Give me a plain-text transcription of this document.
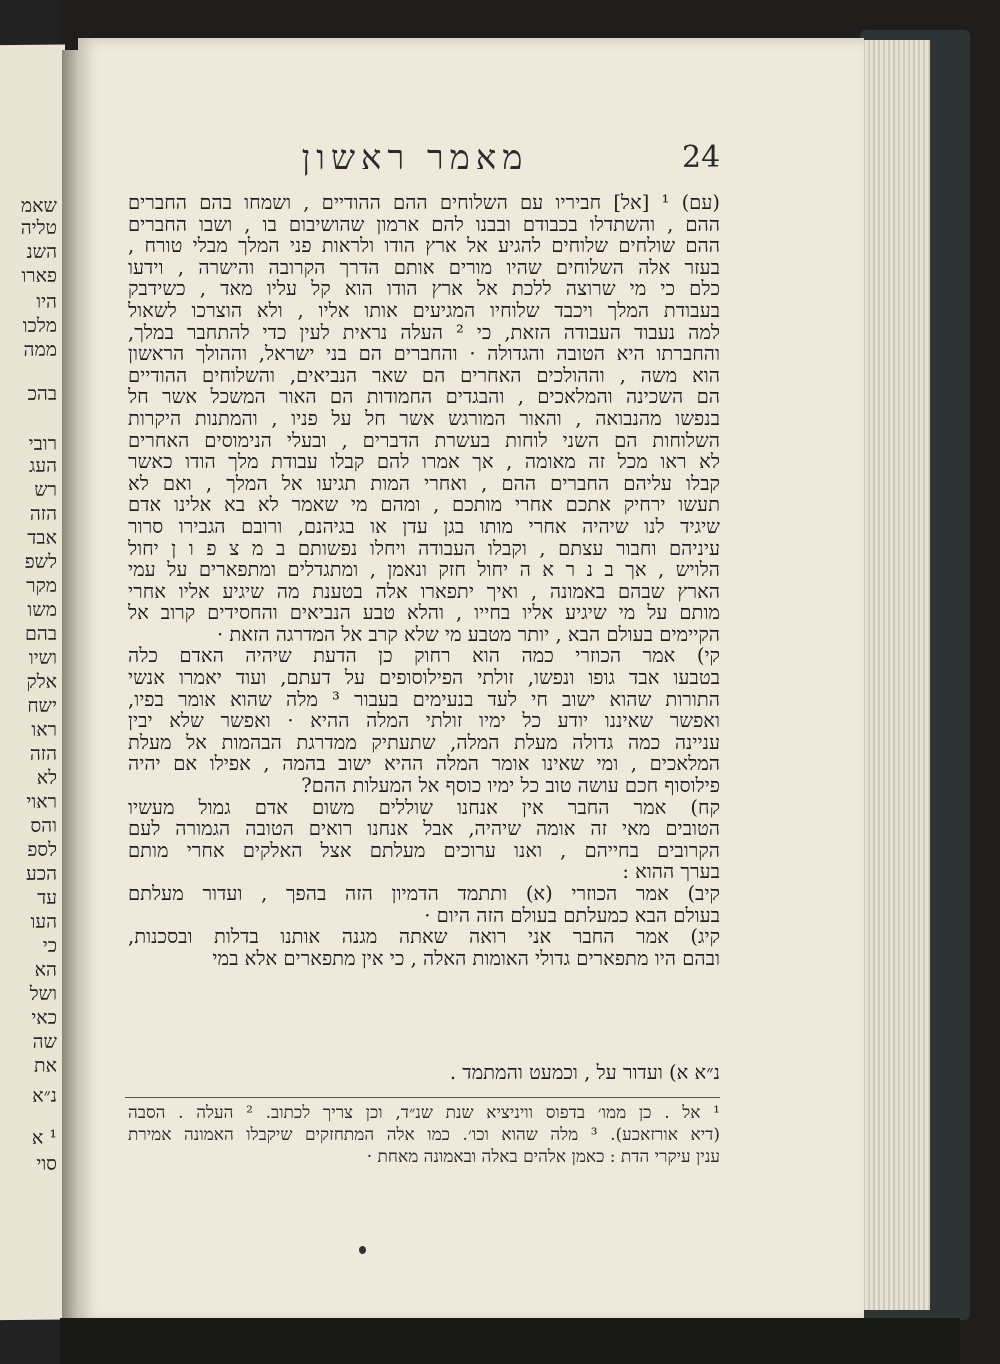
שאמ
טליה
השנ
פארו
היו
מלכו
ממה
בהכ
רובי
העג
רש
הזה
אבד
לשפ
מקר
משו
בהם
ושיו
אלק
ישח
ראו
הזה
לא
ראוי
והס
לספ
הכע
עד
העו
כי
הא
ושל
כאי
שה
את
נ״א
¹ א
סוי
מאמר ראשון	24
(עם) ¹ [אל] חביריו עם השלוחים ההם ההודיים , ושמחו בהם החברים
ההם , והשתדלו בכבודם ובבנו להם ארמון שהושיבום בו , ושבו החברים
ההם שולחים שלוחים להגיע אל ארץ הודו ולראות פני המלך מבלי טורח ,
בעזר אלה השלוחים שהיו מורים אותם הדרך הקרובה והישרה , וידעו
כלם כי מי שרוצה ללכת אל ארץ הודו הוא קל עליו מאד , כשידבק
בעבודת המלך ויכבד שלוחיו המגיעים אותו אליו , ולא הוצרכו לשאול
למה נעבוד העבודה הזאת, כי ² העלה נראית לעין כדי להתחבר במלך,
והחברתו היא הטובה והגדולה · והחברים הם בני ישראל, וההולך הראשון
הוא משה , וההולכים האחרים הם שאר הנביאים, והשלוחים ההודיים
הם השכינה והמלאכים , והבגדים החמודות הם האור המשכל אשר חל
בנפשו מהנבואה , והאור המורגש אשר חל על פניו , והמתנות היקרות
השלוחות הם השני לוחות בעשרת הדברים , ובעלי הנימוסים האחרים
לא ראו מכל זה מאומה , אך אמרו להם קבלו עבודת מלך הודו כאשר
קבלו עליהם החברים ההם , ואחרי המות תגיעו אל המלך , ואם לא
תעשו ירחיק אתכם אחרי מותכם , ומהם מי שאמר לא בא אלינו אדם
שיגיד לנו שיהיה אחרי מותו בגן עדן או בגיהנם, ורובם הגבירו סרור
עיניהם וחבור עצתם , וקבלו העבודה ויחלו נפשותם ב מ צ פ ו ן יחול
הלויש , אך ב נ ר א ה יחול חזק ונאמן , ומתגדלים ומתפארים על עמי
הארץ שבהם באמונה , ואיך יתפארו אלה בטענת מה שיגיע אליו אחרי
מותם על מי שיגיע אליו בחייו , והלא טבע הנביאים והחסידים קרוב אל
הקיימים בעולם הבא , יותר מטבע מי שלא קרב אל המדרגה הזאת ·
קי) אמר הכוזרי כמה הוא רחוק כן הדעת שיהיה האדם כלה
בטבעו אבד גופו ונפשו, זולתי הפילוסופים על דעתם, ועוד יאמרו אנשי
התורות שהוא ישוב חי לעד בנעימים בעבור ³ מלה שהוא אומר בפיו,
ואפשר שאיננו יודע כל ימיו זולתי המלה ההיא · ואפשר שלא יבין
עניינה כמה גדולה מעלת המלה, שתעתיק ממדרגת הבהמות אל מעלת
המלאכים , ומי שאינו אומר המלה ההיא ישוב בהמה , אפילו אם יהיה
פילוסוף חכם עושה טוב כל ימיו כוסף אל המעלות ההם?
קח) אמר החבר אין אנחנו שוללים משום אדם גמול מעשיו
הטובים מאי זה אומה שיהיה, אבל אנחנו רואים הטובה הגמורה לעם
הקרובים בחייהם , ואנו ערוכים מעלתם אצל האלקים אחרי מותם
בערך ההוא :
קיב) אמר הכוזרי (א) ותתמד הדמיון הזה בהפך , ועדור מעלתם
בעולם הבא כמעלתם בעולם הזה היום ·
קיג) אמר החבר אני רואה שאתה מגנה אותנו בדלות ובסכנות,
ובהם היו מתפארים גדולי האומות האלה , כי אין מתפארים אלא במי
נ״א א) ועדור על , וכמעט והמתמד .
¹ אל . כן ממו׳ בדפוס וויניציא שנת שנ״ד, וכן צריך לכתוב. ² העלה . הסבה
(דיא אורזאכע). ³ מלה שהוא וכו׳. כמו אלה המתחזקים שיקבלו האמונה אמירת
ענין עיקרי הדת : כאמן אלהים באלה ובאמונה מאחת ·
